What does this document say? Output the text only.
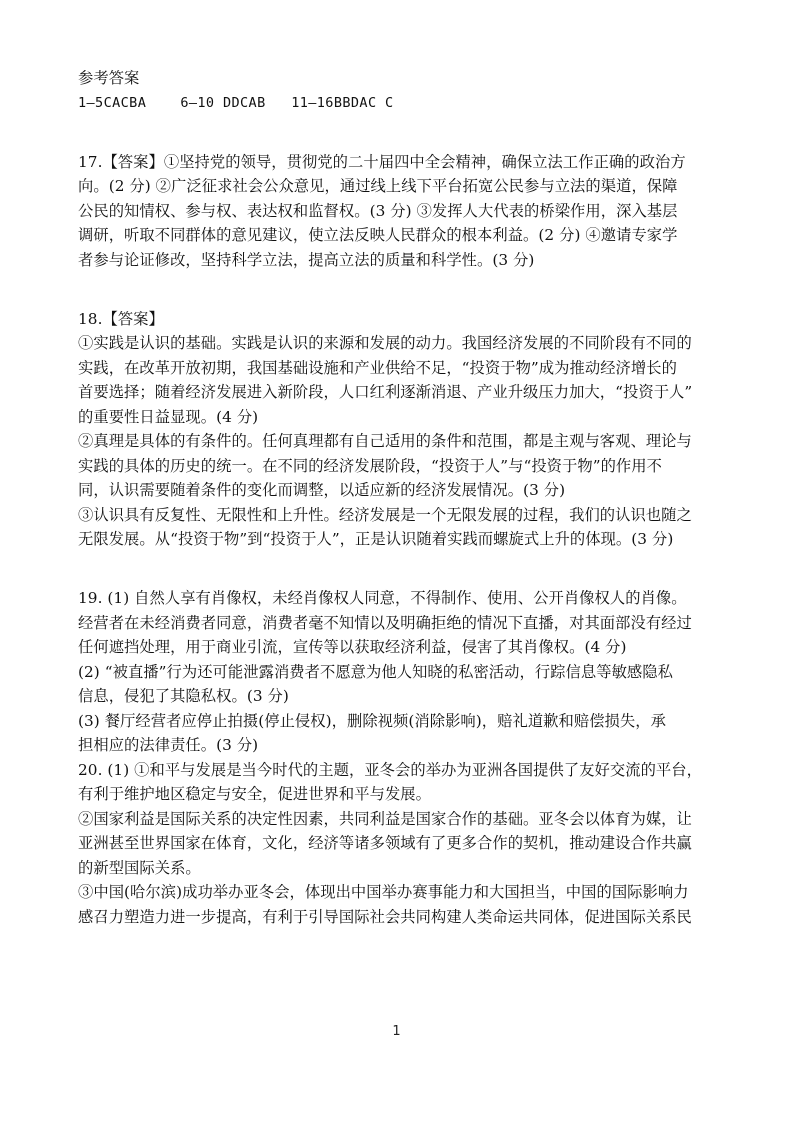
参考答案
1—5CACBA    6—10 DDCAB   11—16BBDAC C
17.【答案】①坚持党的领导，贯彻党的二十届四中全会精神，确保立法工作正确的政治方
向。(2 分) ②广泛征求社会公众意见，通过线上线下平台拓宽公民参与立法的渠道，保障
公民的知情权、参与权、表达权和监督权。(3 分) ③发挥人大代表的桥梁作用，深入基层
调研，听取不同群体的意见建议，使立法反映人民群众的根本利益。(2 分) ④邀请专家学
者参与论证修改，坚持科学立法，提高立法的质量和科学性。(3 分)
18.【答案】
①实践是认识的基础。实践是认识的来源和发展的动力。我国经济发展的不同阶段有不同的
实践，在改革开放初期，我国基础设施和产业供给不足，“投资于物”成为推动经济增长的
首要选择；随着经济发展进入新阶段，人口红利逐渐消退、产业升级压力加大，“投资于人”
的重要性日益显现。(4 分)
②真理是具体的有条件的。任何真理都有自己适用的条件和范围，都是主观与客观、理论与
实践的具体的历史的统一。在不同的经济发展阶段，“投资于人”与“投资于物”的作用不
同，认识需要随着条件的变化而调整，以适应新的经济发展情况。(3 分)
③认识具有反复性、无限性和上升性。经济发展是一个无限发展的过程，我们的认识也随之
无限发展。从“投资于物”到“投资于人”，正是认识随着实践而螺旋式上升的体现。(3 分)
19. (1) 自然人享有肖像权，未经肖像权人同意，不得制作、使用、公开肖像权人的肖像。
经营者在未经消费者同意，消费者毫不知情以及明确拒绝的情况下直播，对其面部没有经过
任何遮挡处理，用于商业引流，宣传等以获取经济利益，侵害了其肖像权。(4 分)
(2) “被直播”行为还可能泄露消费者不愿意为他人知晓的私密活动，行踪信息等敏感隐私
信息，侵犯了其隐私权。(3 分)
(3) 餐厅经营者应停止拍摄(停止侵权)，删除视频(消除影响)，赔礼道歉和赔偿损失，承
担相应的法律责任。(3 分)
20. (1) ①和平与发展是当今时代的主题，亚冬会的举办为亚洲各国提供了友好交流的平台，
有利于维护地区稳定与安全，促进世界和平与发展。
②国家利益是国际关系的决定性因素，共同利益是国家合作的基础。亚冬会以体育为媒，让
亚洲甚至世界国家在体育，文化，经济等诸多领域有了更多合作的契机，推动建设合作共赢
的新型国际关系。
③中国(哈尔滨)成功举办亚冬会，体现出中国举办赛事能力和大国担当，中国的国际影响力
感召力塑造力进一步提高，有利于引导国际社会共同构建人类命运共同体，促进国际关系民
1
